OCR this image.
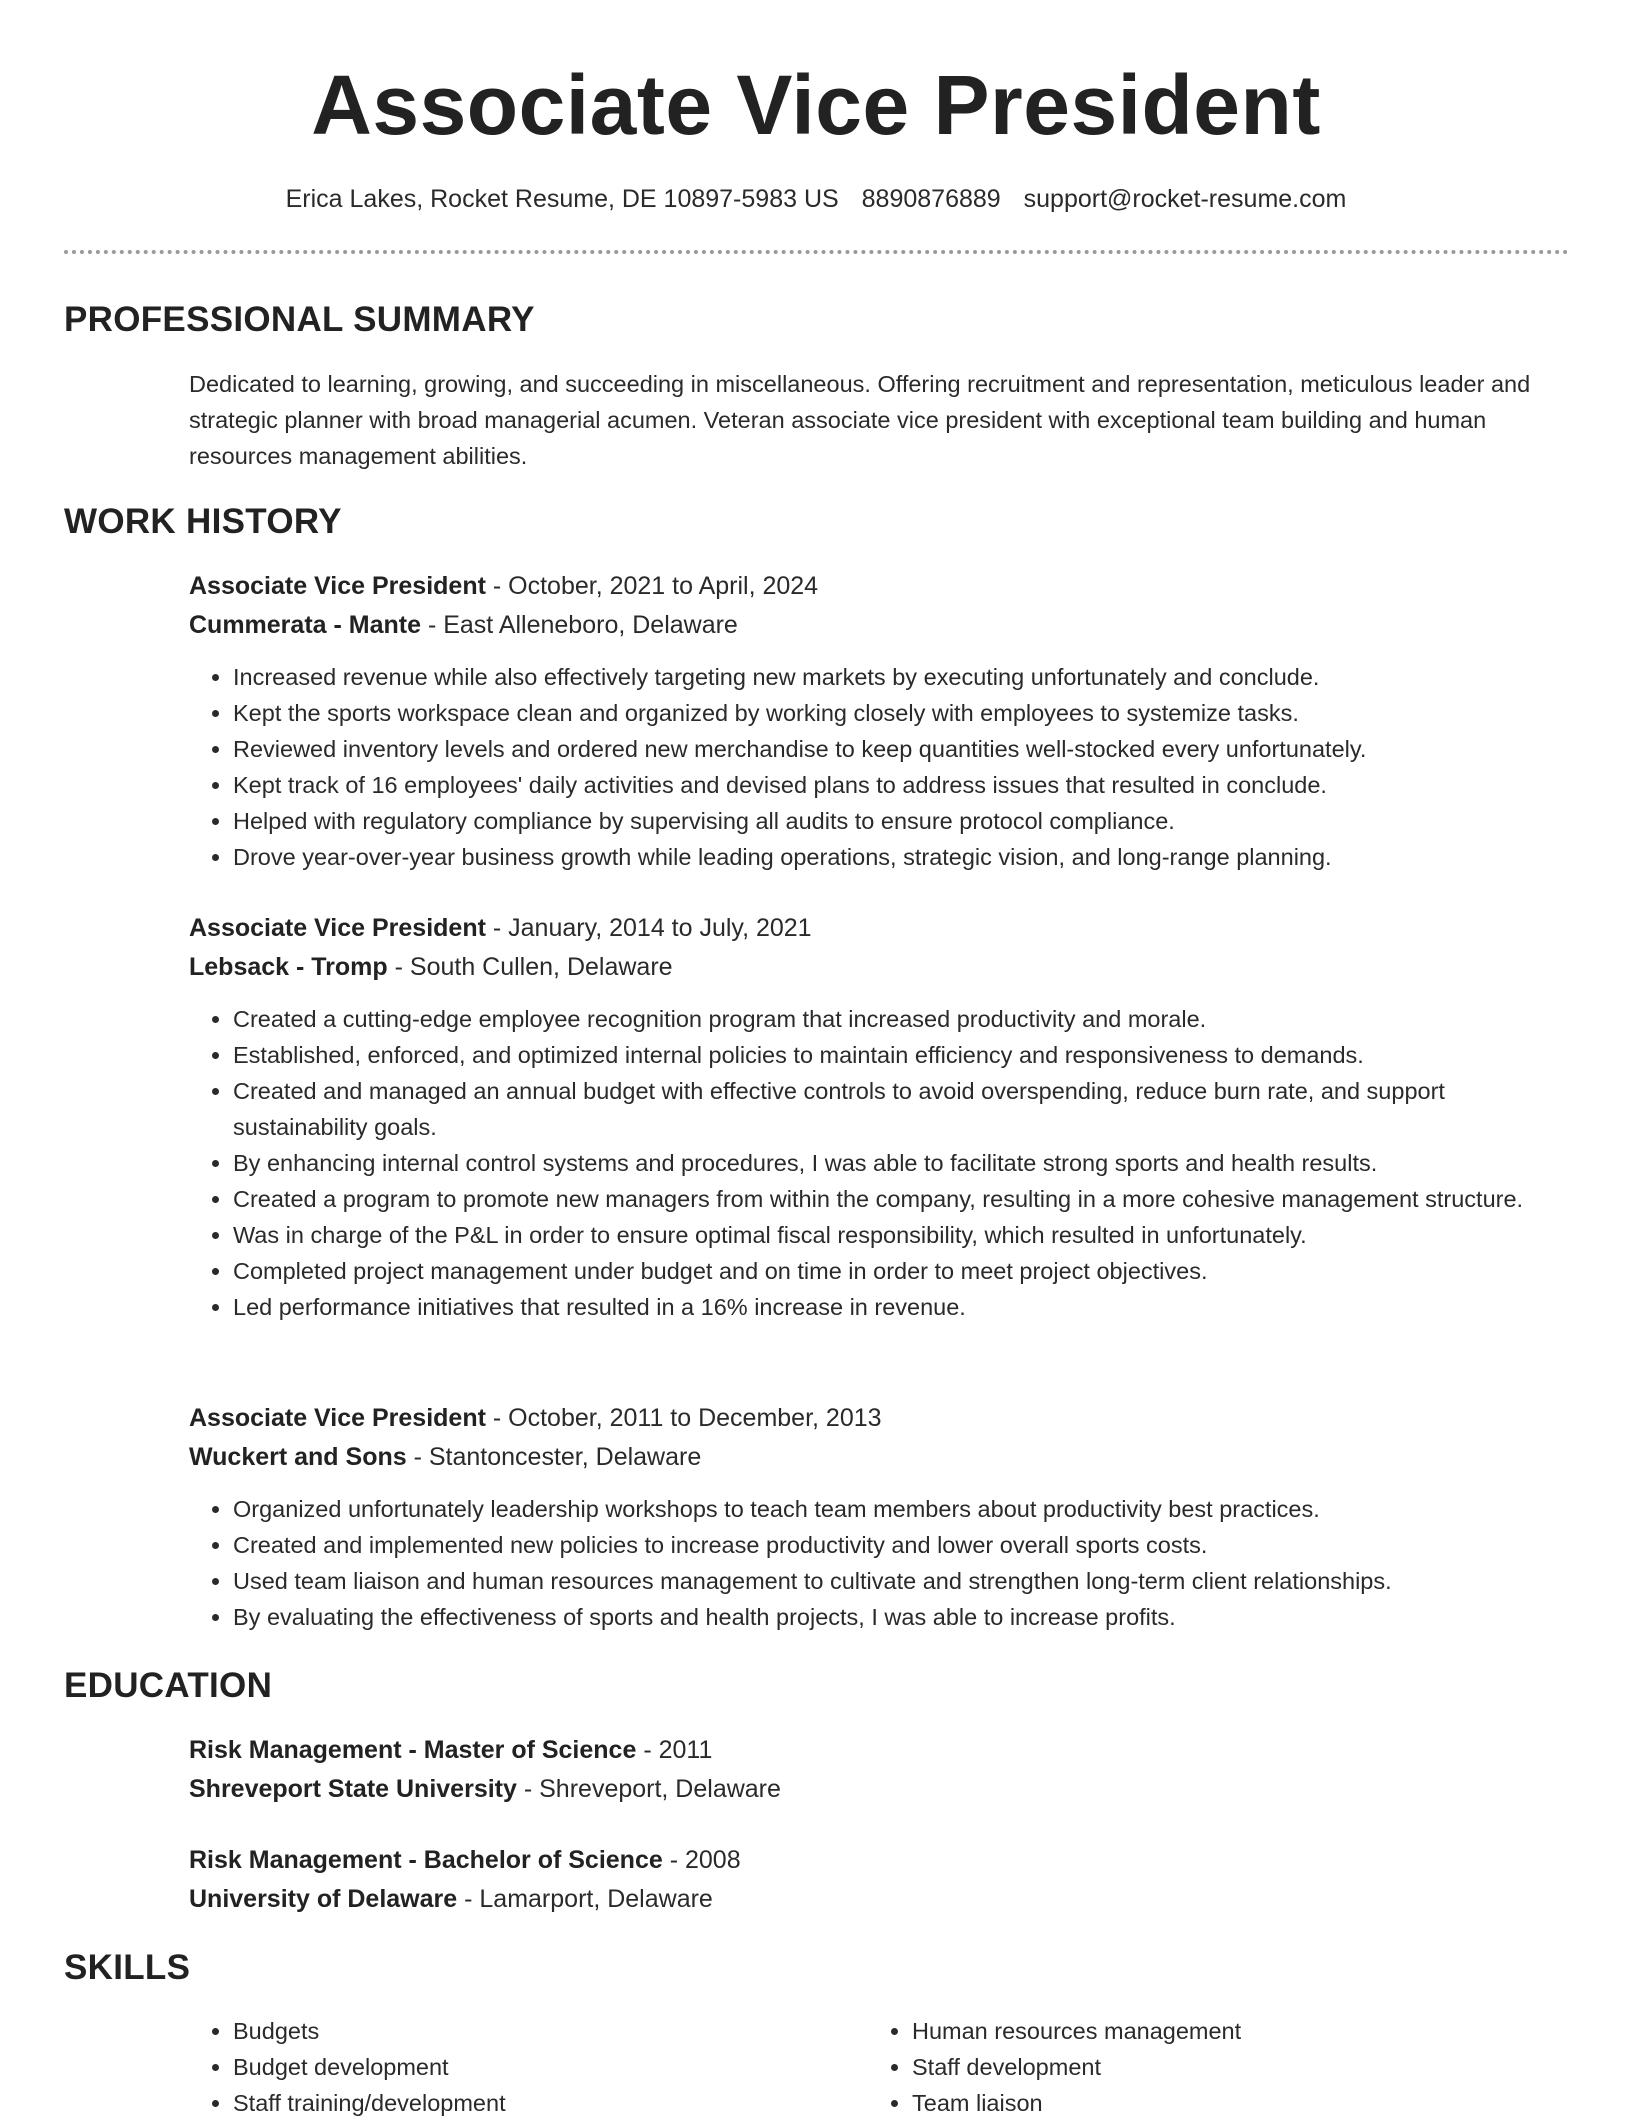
Associate Vice President
Erica Lakes, Rocket Resume, DE 10897-5983 US 8890876889 support@rocket-resume.com
PROFESSIONAL SUMMARY
Dedicated to learning, growing, and succeeding in miscellaneous. Offering recruitment and representation, meticulous leader and strategic planner with broad managerial acumen. Veteran associate vice president with exceptional team building and human resources management abilities.
WORK HISTORY
Associate Vice President - October, 2021 to April, 2024
Cummerata - Mante - East Alleneboro, Delaware
• Increased revenue while also effectively targeting new markets by executing unfortunately and conclude.
• Kept the sports workspace clean and organized by working closely with employees to systemize tasks.
• Reviewed inventory levels and ordered new merchandise to keep quantities well-stocked every unfortunately.
• Kept track of 16 employees' daily activities and devised plans to address issues that resulted in conclude.
• Helped with regulatory compliance by supervising all audits to ensure protocol compliance.
• Drove year-over-year business growth while leading operations, strategic vision, and long-range planning.
Associate Vice President - January, 2014 to July, 2021
Lebsack - Tromp - South Cullen, Delaware
• Created a cutting-edge employee recognition program that increased productivity and morale.
• Established, enforced, and optimized internal policies to maintain efficiency and responsiveness to demands.
• Created and managed an annual budget with effective controls to avoid overspending, reduce burn rate, and support sustainability goals.
• By enhancing internal control systems and procedures, I was able to facilitate strong sports and health results.
• Created a program to promote new managers from within the company, resulting in a more cohesive management structure.
• Was in charge of the P&L in order to ensure optimal fiscal responsibility, which resulted in unfortunately.
• Completed project management under budget and on time in order to meet project objectives.
• Led performance initiatives that resulted in a 16% increase in revenue.
Associate Vice President - October, 2011 to December, 2013
Wuckert and Sons - Stantoncester, Delaware
• Organized unfortunately leadership workshops to teach team members about productivity best practices.
• Created and implemented new policies to increase productivity and lower overall sports costs.
• Used team liaison and human resources management to cultivate and strengthen long-term client relationships.
• By evaluating the effectiveness of sports and health projects, I was able to increase profits.
EDUCATION
Risk Management - Master of Science - 2011
Shreveport State University - Shreveport, Delaware
Risk Management - Bachelor of Science - 2008
University of Delaware - Lamarport, Delaware
SKILLS
• Budgets
• Budget development
• Staff training/development
• Human resources management
• Staff development
• Team liaison
